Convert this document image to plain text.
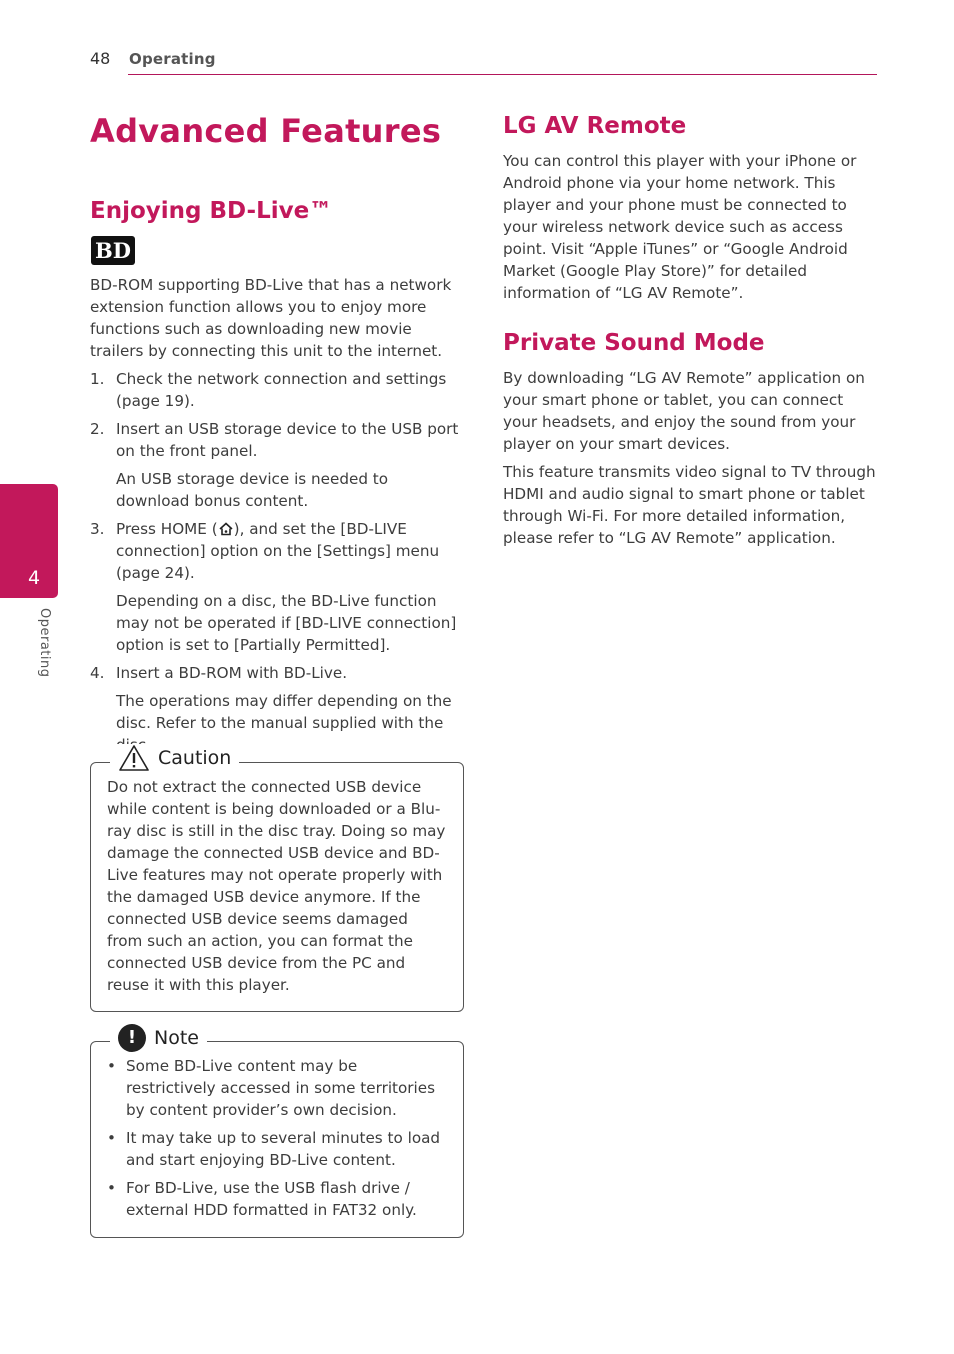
48 Operating
4
Operating
Advanced Features
Enjoying BD-Live™
BD

BD-ROM supporting BD-Live that has a network extension function allows you to enjoy more functions such as downloading new movie trailers by connecting this unit to the internet.

1. Check the network connection and settings (page 19).
2. Insert an USB storage device to the USB port on the front panel.
An USB storage device is needed to download bonus content.
3. Press HOME ( ), and set the [BD-LIVE connection] option on the [Settings] menu (page 24).
Depending on a disc, the BD-Live function may not be operated if [BD-LIVE connection] option is set to [Partially Permitted].
4. Insert a BD-ROM with BD-Live.
The operations may differ depending on the disc. Refer to the manual supplied with the
Caution
Do not extract the connected USB device while content is being downloaded or a Blu-ray disc is still in the disc tray. Doing so may damage the connected USB device and BD-Live features may not operate properly with the damaged USB device anymore. If the connected USB device seems damaged from such an action, you can format the connected USB device from the PC and reuse it with this player.
! Note
• Some BD-Live content may be restrictively accessed in some territories by content provider’s own decision.
• It may take up to several minutes to load and start enjoying BD-Live content.
• For BD-Live, use the USB flash drive / external HDD formatted in FAT32 only.
LG AV Remote
You can control this player with your iPhone or Android phone via your home network. This player and your phone must be connected to your wireless network device such as access point. Visit “Apple iTunes” or “Google Android Market (Google Play Store)” for detailed information of “LG AV Remote”.
Private Sound Mode

By downloading “LG AV Remote” application on your smart phone or tablet, you can connect your headsets, and enjoy the sound from your player on your smart devices.

This feature transmits video signal to TV through HDMI and audio signal to smart phone or tablet through Wi-Fi. For more detailed information, please refer to “LG AV Remote” application.
